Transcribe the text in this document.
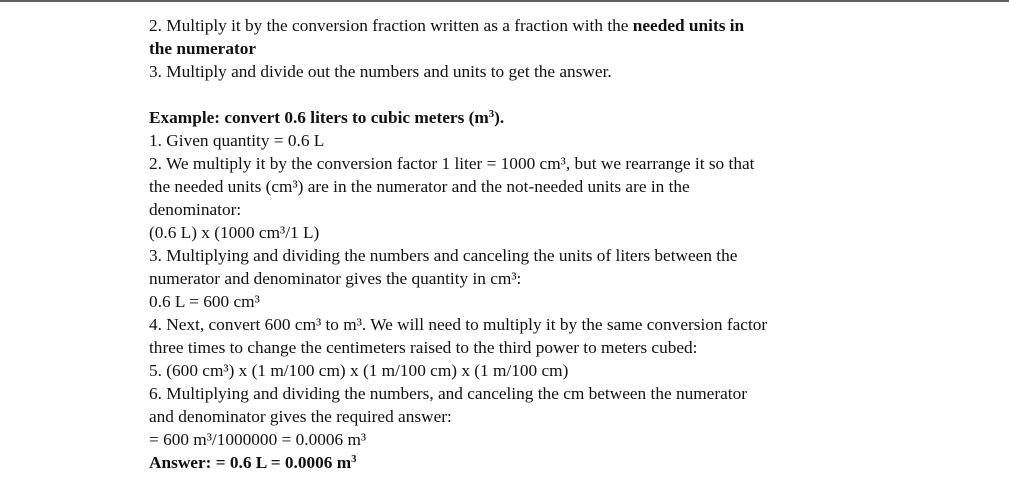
2. Multiply it by the conversion fraction written as a fraction with the needed units in
the numerator
3. Multiply and divide out the numbers and units to get the answer.
Example: convert 0.6 liters to cubic meters $(m^3)$.
1. Given quantity = 0.6 L
2. We multiply it by the conversion factor 1 liter = 1000 cm³, but we rearrange it so that
the needed units (cm³) are in the numerator and the not-needed units are in the
denominator:
(0.6 L) x (1000 cm³/1 L)
3. Multiplying and dividing the numbers and canceling the units of liters between the
numerator and denominator gives the quantity in cm³:
0.6 L = 600 cm³
4. Next, convert 600 cm³ to m³. We will need to multiply it by the same conversion factor
three times to change the centimeters raised to the third power to meters cubed:
5. (600 cm³) x (1 m/100 cm) x (1 m/100 cm) x (1 m/100 cm)
6. Multiplying and dividing the numbers, and canceling the cm between the numerator
and denominator gives the required answer:
= 600 m³/1000000 = 0.0006 m³
Answer: = 0.6 L = 0.0006 $m^3$
